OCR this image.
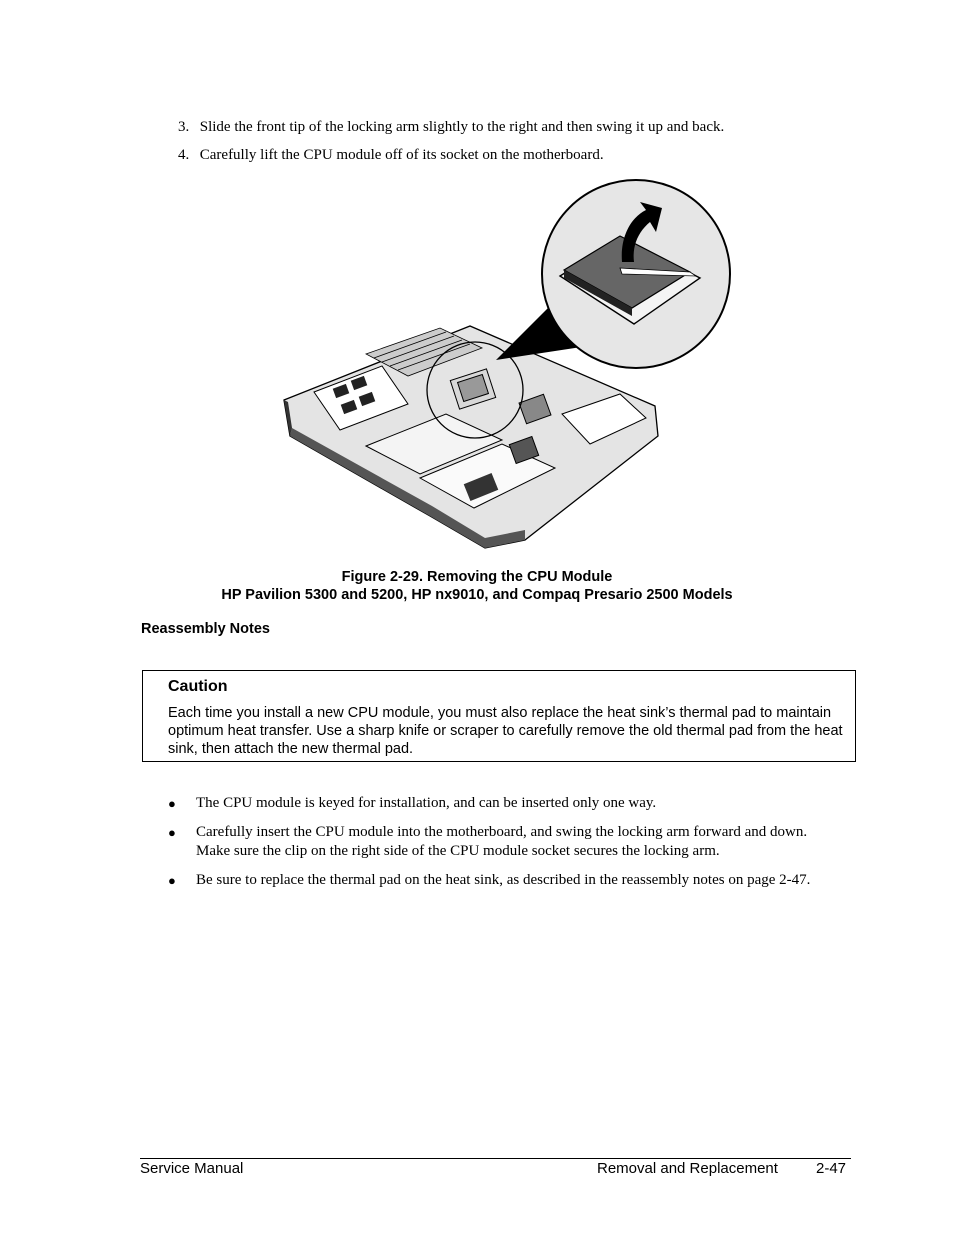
3. Slide the front tip of the locking arm slightly to the right and then swing it up and back.
4. Carefully lift the CPU module off of its socket on the motherboard.
Figure 2-29. Removing the CPU Module
HP Pavilion 5300 and 5200, HP nx9010, and Compaq Presario 2500 Models
Reassembly Notes
Caution
Each time you install a new CPU module, you must also replace the heat sink’s thermal pad to maintain optimum heat transfer. Use a sharp knife or scraper to carefully remove the old thermal pad from the heat sink, then attach the new thermal pad.
● The CPU module is keyed for installation, and can be inserted only one way.
● Carefully insert the CPU module into the motherboard, and swing the locking arm forward and down. Make sure the clip on the right side of the CPU module socket secures the locking arm.
● Be sure to replace the thermal pad on the heat sink, as described in the reassembly notes on page 2-47.
Service Manual	Removal and Replacement	2-47
